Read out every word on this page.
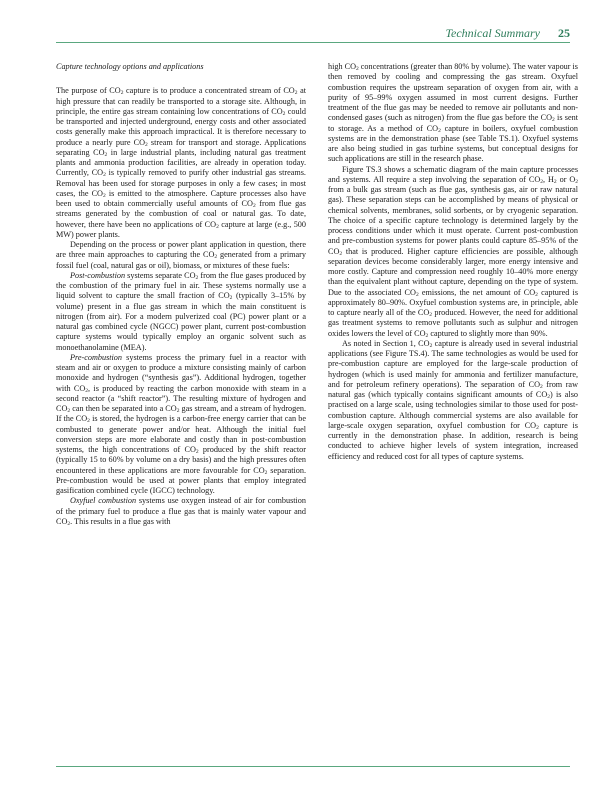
Technical Summary 25

Capture technology options and applications

The purpose of $CO_2$ capture is to produce a concentrated stream of $CO_2$ at high pressure that can readily be transported to a storage site. Although, in principle, the entire gas stream containing low concentrations of $CO_2$ could be transported and injected underground, energy costs and other associated costs generally make this approach impractical. It is therefore necessary to produce a nearly pure $CO_2$ stream for transport and storage. Applications separating $CO_2$ in large industrial plants, including natural gas treatment plants and ammonia production facilities, are already in operation today. Currently, $CO_2$ is typically removed to purify other industrial gas streams. Removal has been used for storage purposes in only a few cases; in most cases, the $CO_2$ is emitted to the atmosphere. Capture processes also have been used to obtain commercially useful amounts of $CO_2$ from flue gas streams generated by the combustion of coal or natural gas. To date, however, there have been no applications of $CO_2$ capture at large (e.g., 500 MW) power plants.

Depending on the process or power plant application in question, there are three main approaches to capturing the $CO_2$ generated from a primary fossil fuel (coal, natural gas or oil), biomass, or mixtures of these fuels:

Post-combustion systems separate $CO_2$ from the flue gases produced by the combustion of the primary fuel in air. These systems normally use a liquid solvent to capture the small fraction of $CO_2$ (typically 3–15% by volume) present in a flue gas stream in which the main constituent is nitrogen (from air). For a modern pulverized coal (PC) power plant or a natural gas combined cycle (NGCC) power plant, current post-combustion capture systems would typically employ an organic solvent such as monoethanolamine (MEA).

Pre-combustion systems process the primary fuel in a reactor with steam and air or oxygen to produce a mixture consisting mainly of carbon monoxide and hydrogen (“synthesis gas”). Additional hydrogen, together with $CO_2$, is produced by reacting the carbon monoxide with steam in a second reactor (a “shift reactor”). The resulting mixture of hydrogen and $CO_2$ can then be separated into a $CO_2$ gas stream, and a stream of hydrogen. If the $CO_2$ is stored, the hydrogen is a carbon-free energy carrier that can be combusted to generate power and/or heat. Although the initial fuel conversion steps are more elaborate and costly than in post-combustion systems, the high concentrations of $CO_2$ produced by the shift reactor (typically 15 to 60% by volume on a dry basis) and the high pressures often encountered in these applications are more favourable for $CO_2$ separation. Pre-combustion would be used at power plants that employ integrated gasification combined cycle (IGCC) technology.

Oxyfuel combustion systems use oxygen instead of air for combustion of the primary fuel to produce a flue gas that is mainly water vapour and $CO_2$. This results in a flue gas with

high $CO_2$ concentrations (greater than 80% by volume). The water vapour is then removed by cooling and compressing the gas stream. Oxyfuel combustion requires the upstream separation of oxygen from air, with a purity of 95–99% oxygen assumed in most current designs. Further treatment of the flue gas may be needed to remove air pollutants and non-condensed gases (such as nitrogen) from the flue gas before the $CO_2$ is sent to storage. As a method of $CO_2$ capture in boilers, oxyfuel combustion systems are in the demonstration phase (see Table TS.1). Oxyfuel systems are also being studied in gas turbine systems, but conceptual designs for such applications are still in the research phase.

Figure TS.3 shows a schematic diagram of the main capture processes and systems. All require a step involving the separation of $CO_2$, $H_2$ or $O_2$ from a bulk gas stream (such as flue gas, synthesis gas, air or raw natural gas). These separation steps can be accomplished by means of physical or chemical solvents, membranes, solid sorbents, or by cryogenic separation. The choice of a specific capture technology is determined largely by the process conditions under which it must operate. Current post-combustion and pre-combustion systems for power plants could capture 85–95% of the $CO_2$ that is produced. Higher capture efficiencies are possible, although separation devices become considerably larger, more energy intensive and more costly. Capture and compression need roughly 10–40% more energy than the equivalent plant without capture, depending on the type of system. Due to the associated $CO_2$ emissions, the net amount of $CO_2$ captured is approximately 80–90%. Oxyfuel combustion systems are, in principle, able to capture nearly all of the $CO_2$ produced. However, the need for additional gas treatment systems to remove pollutants such as sulphur and nitrogen oxides lowers the level of $CO_2$ captured to slightly more than 90%.

As noted in Section 1, $CO_2$ capture is already used in several industrial applications (see Figure TS.4). The same technologies as would be used for pre-combustion capture are employed for the large-scale production of hydrogen (which is used mainly for ammonia and fertilizer manufacture, and for petroleum refinery operations). The separation of $CO_2$ from raw natural gas (which typically contains significant amounts of $CO_2$) is also practised on a large scale, using technologies similar to those used for post-combustion capture. Although commercial systems are also available for large-scale oxygen separation, oxyfuel combustion for $CO_2$ capture is currently in the demonstration phase. In addition, research is being conducted to achieve higher levels of system integration, increased efficiency and reduced cost for all types of capture systems.
